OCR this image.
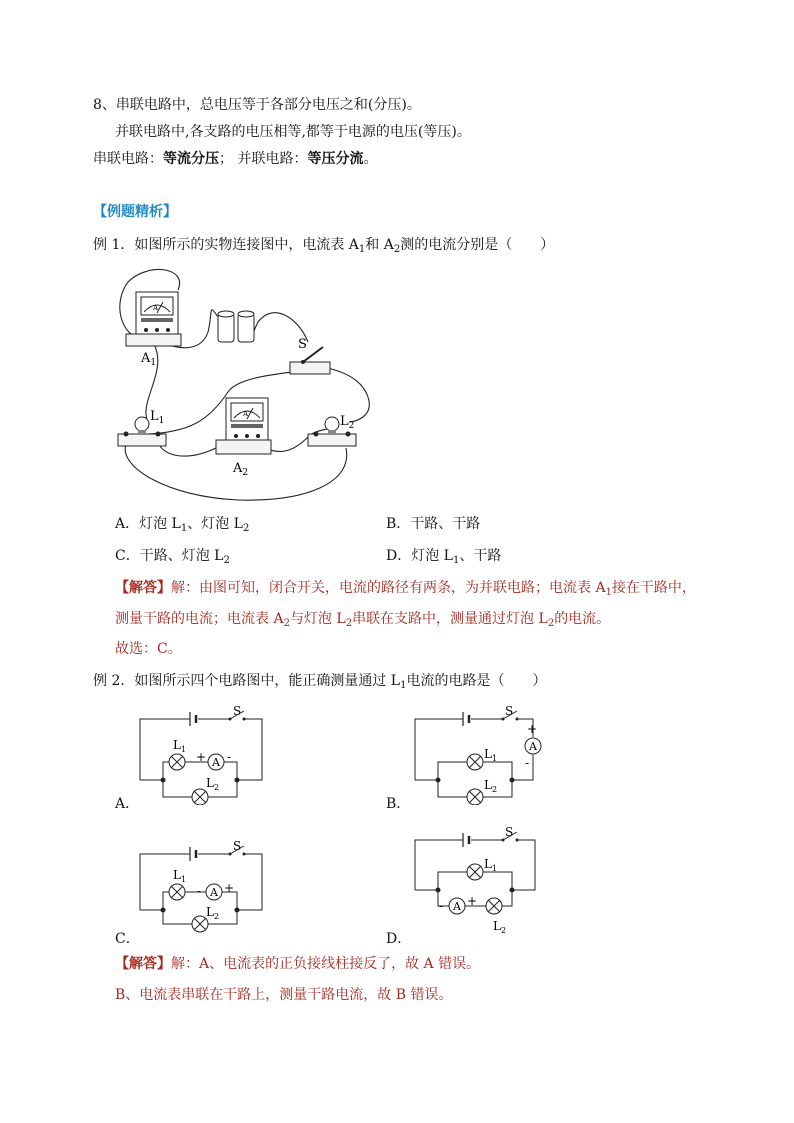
8、串联电路中，总电压等于各部分电压之和(分压)。
并联电路中,各支路的电压相等,都等于电源的电压(等压)。
串联电路：等流分压； 并联电路：等压分流。
【例题精析】
例 1．如图所示的实物连接图中，电流表 $A_1$和 $A_2$测的电流分别是（　　）
A
$A_1$
S
$L_1$
A
$A_2$
$L_2$
A．灯泡 $L_1$、灯泡 $L_2$	B．干路、干路
C．干路、灯泡 $L_2$	D．灯泡 $L_1$、干路
【解答】解：由图可知，闭合开关，电流的路径有两条，为并联电路；电流表 $A_1$接在干路中，
测量干路的电流；电流表 $A_2$与灯泡 $L_2$串联在支路中，测量通过灯泡 $L_2$的电流。
故选：C。
例 2．如图所示四个电路图中，能正确测量通过 $L_1$电流的电路是（　　）
S
A
+ -
$L_1$
$L_2$
A．
S
A
+
-
$L_1$
$L_2$
B．
S
A
- +
$L_1$
$L_2$
C．
S
A
- +
$L_1$
$L_2$
D．
【解答】解：A、电流表的正负接线柱接反了，故 A 错误。
B、电流表串联在干路上，测量干路电流，故 B 错误。
